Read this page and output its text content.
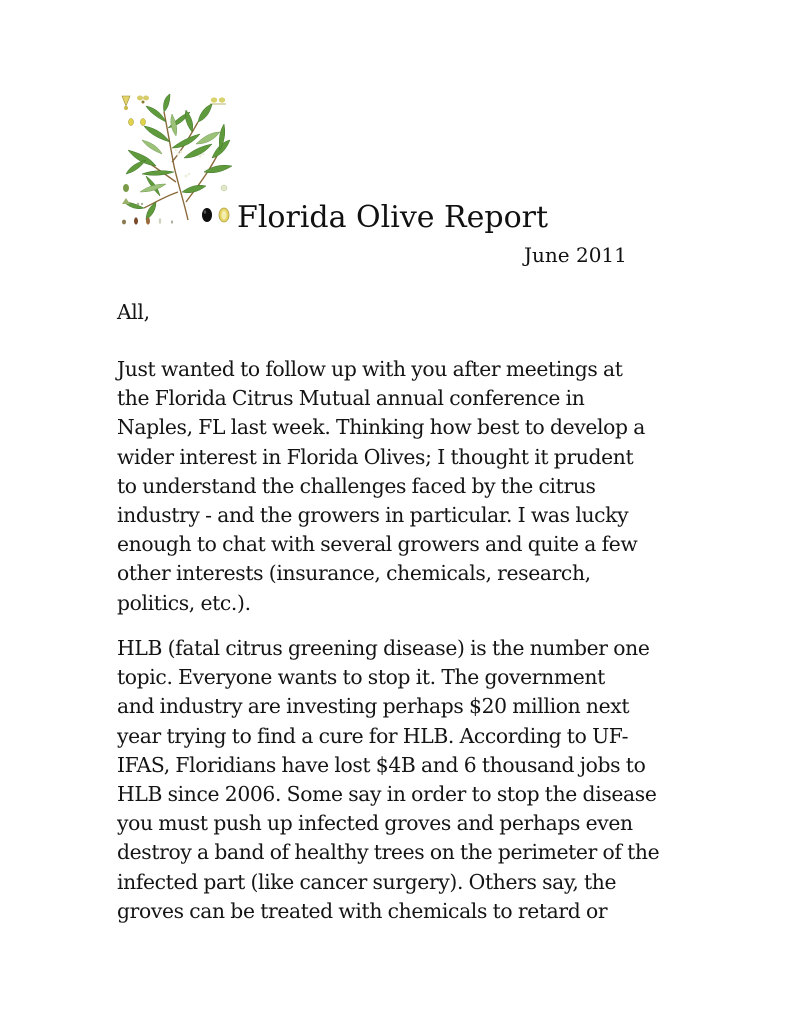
Florida Olive Report
June 2011
All,
Just wanted to follow up with you after meetings at
the Florida Citrus Mutual annual conference in
Naples, FL last week. Thinking how best to develop a
wider interest in Florida Olives; I thought it prudent
to understand the challenges faced by the citrus
industry - and the growers in particular. I was lucky
enough to chat with several growers and quite a few
other interests (insurance, chemicals, research,
politics, etc.).
HLB (fatal citrus greening disease) is the number one
topic. Everyone wants to stop it. The government
and industry are investing perhaps $20 million next
year trying to find a cure for HLB. According to UF-
IFAS, Floridians have lost $4B and 6 thousand jobs to
HLB since 2006. Some say in order to stop the disease
you must push up infected groves and perhaps even
destroy a band of healthy trees on the perimeter of the
infected part (like cancer surgery). Others say, the
groves can be treated with chemicals to retard or
